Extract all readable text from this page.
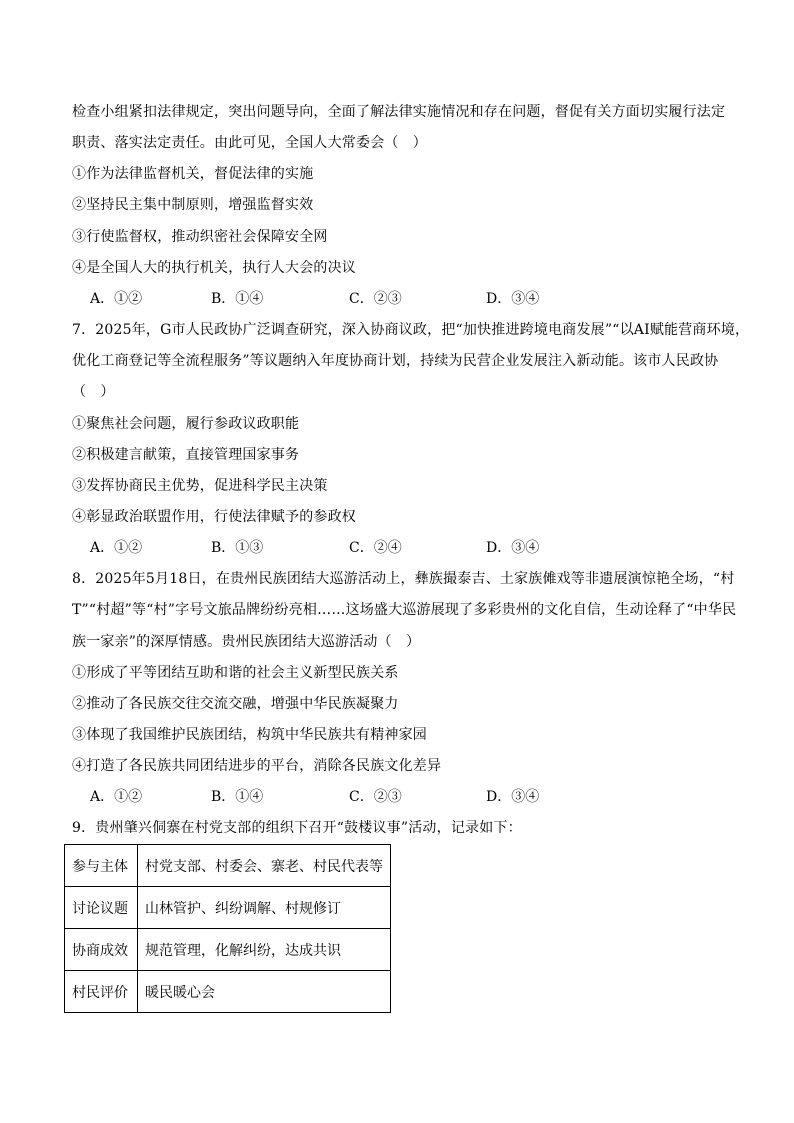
检查小组紧扣法律规定，突出问题导向，全面了解法律实施情况和存在问题，督促有关方面切实履行法定
职责、落实法定责任。由此可见，全国人大常委会（　）
①作为法律监督机关，督促法律的实施
②坚持民主集中制原则，增强监督实效
③行使监督权，推动织密社会保障安全网
④是全国人大的执行机关，执行人大会的决议
A．①②	B．①④	C．②③	D．③④
7．2025年，G市人民政协广泛调查研究，深入协商议政，把“加快推进跨境电商发展”“以AI赋能营商环境，
优化工商登记等全流程服务”等议题纳入年度协商计划，持续为民营企业发展注入新动能。该市人民政协
（　）
①聚焦社会问题，履行参政议政职能
②积极建言献策，直接管理国家事务
③发挥协商民主优势，促进科学民主决策
④彰显政治联盟作用，行使法律赋予的参政权
A．①②	B．①③	C．②④	D．③④
8．2025年5月18日，在贵州民族团结大巡游活动上，彝族撮泰吉、土家族傩戏等非遗展演惊艳全场，“村
T”“村超”等“村”字号文旅品牌纷纷亮相……这场盛大巡游展现了多彩贵州的文化自信，生动诠释了“中华民
族一家亲”的深厚情感。贵州民族团结大巡游活动（　）
①形成了平等团结互助和谐的社会主义新型民族关系
②推动了各民族交往交流交融，增强中华民族凝聚力
③体现了我国维护民族团结，构筑中华民族共有精神家园
④打造了各民族共同团结进步的平台，消除各民族文化差异
A．①②	B．①④	C．②③	D．③④
9．贵州肇兴侗寨在村党支部的组织下召开“鼓楼议事”活动，记录如下：
参与主体	村党支部、村委会、寨老、村民代表等
讨论议题	山林管护、纠纷调解、村规修订
协商成效	规范管理，化解纠纷，达成共识
村民评价	暖民暖心会
